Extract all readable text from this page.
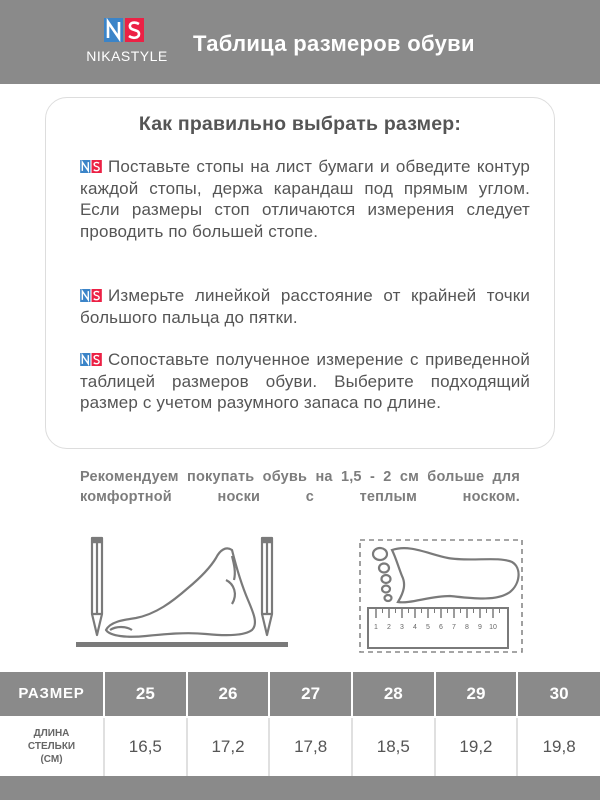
NIKASTYLE	Таблица размеров обуви
Как правильно выбрать размер:
Поставьте стопы на лист бумаги и обведите контур каждой стопы, держа карандаш под прямым углом. Если размеры стоп отличаются измерения следует проводить по большей стопе.
Измерьте линейкой расстояние от крайней точки большого пальца до пятки.
Сопоставьте полученное измерение с приведенной таблицей размеров обуви. Выберите подходящий размер с учетом разумного запаса по длине.
Рекомендуем покупать обувь на 1,5 - 2 см больше для комфортной носки с теплым носком.
1 2 3 4 5 6 7 8 9 10
РАЗМЕР	25	26	27	28	29	30
ДЛИНА
СТЕЛЬКИ
(СМ)	16,5	17,2	17,8	18,5	19,2	19,8
